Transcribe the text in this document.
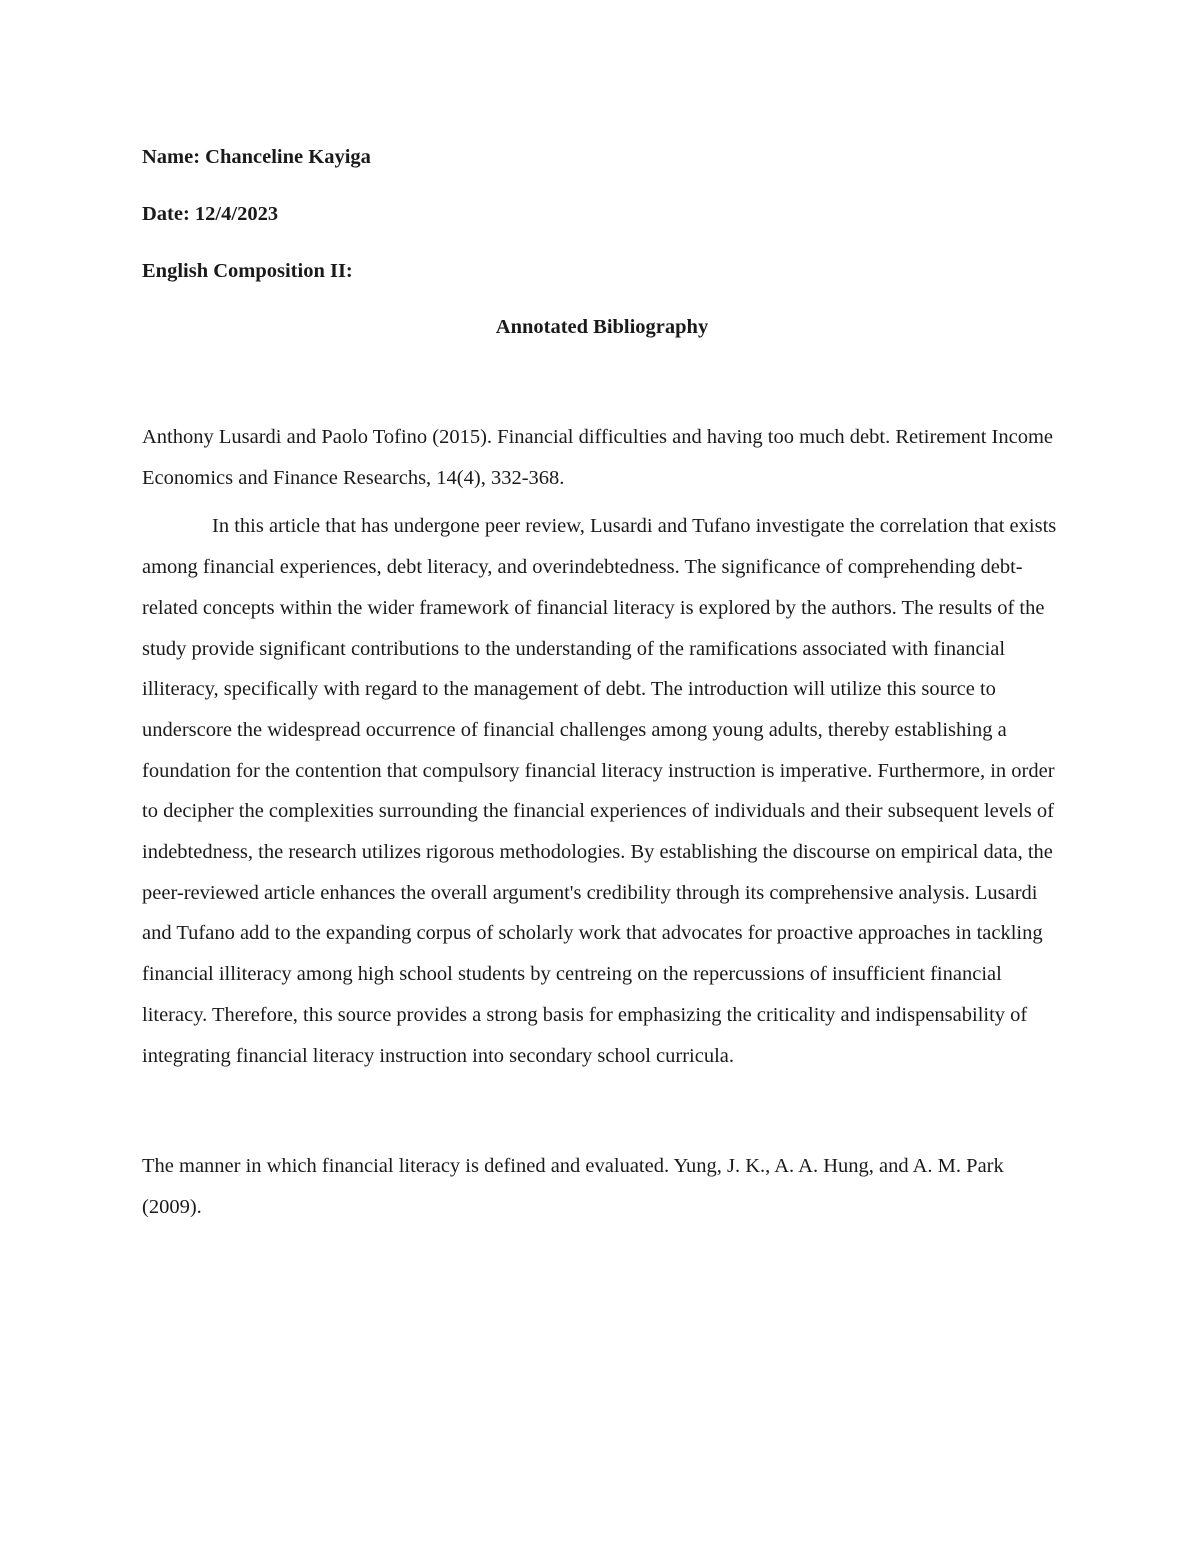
Name: Chanceline Kayiga

Date: 12/4/2023

English Composition II:

Annotated Bibliography

Anthony Lusardi and Paolo Tofino (2015). Financial difficulties and having too much debt. Retirement Income Economics and Finance Researchs, 14(4), 332-368.

In this article that has undergone peer review, Lusardi and Tufano investigate the correlation that exists among financial experiences, debt literacy, and overindebtedness. The significance of comprehending debt-related concepts within the wider framework of financial literacy is explored by the authors. The results of the study provide significant contributions to the understanding of the ramifications associated with financial illiteracy, specifically with regard to the management of debt. The introduction will utilize this source to underscore the widespread occurrence of financial challenges among young adults, thereby establishing a foundation for the contention that compulsory financial literacy instruction is imperative. Furthermore, in order to decipher the complexities surrounding the financial experiences of individuals and their subsequent levels of indebtedness, the research utilizes rigorous methodologies. By establishing the discourse on empirical data, the peer-reviewed article enhances the overall argument's credibility through its comprehensive analysis. Lusardi and Tufano add to the expanding corpus of scholarly work that advocates for proactive approaches in tackling financial illiteracy among high school students by centreing on the repercussions of insufficient financial literacy. Therefore, this source provides a strong basis for emphasizing the criticality and indispensability of integrating financial literacy instruction into secondary school curricula.

The manner in which financial literacy is defined and evaluated. Yung, J. K., A. A. Hung, and A. M. Park (2009).
